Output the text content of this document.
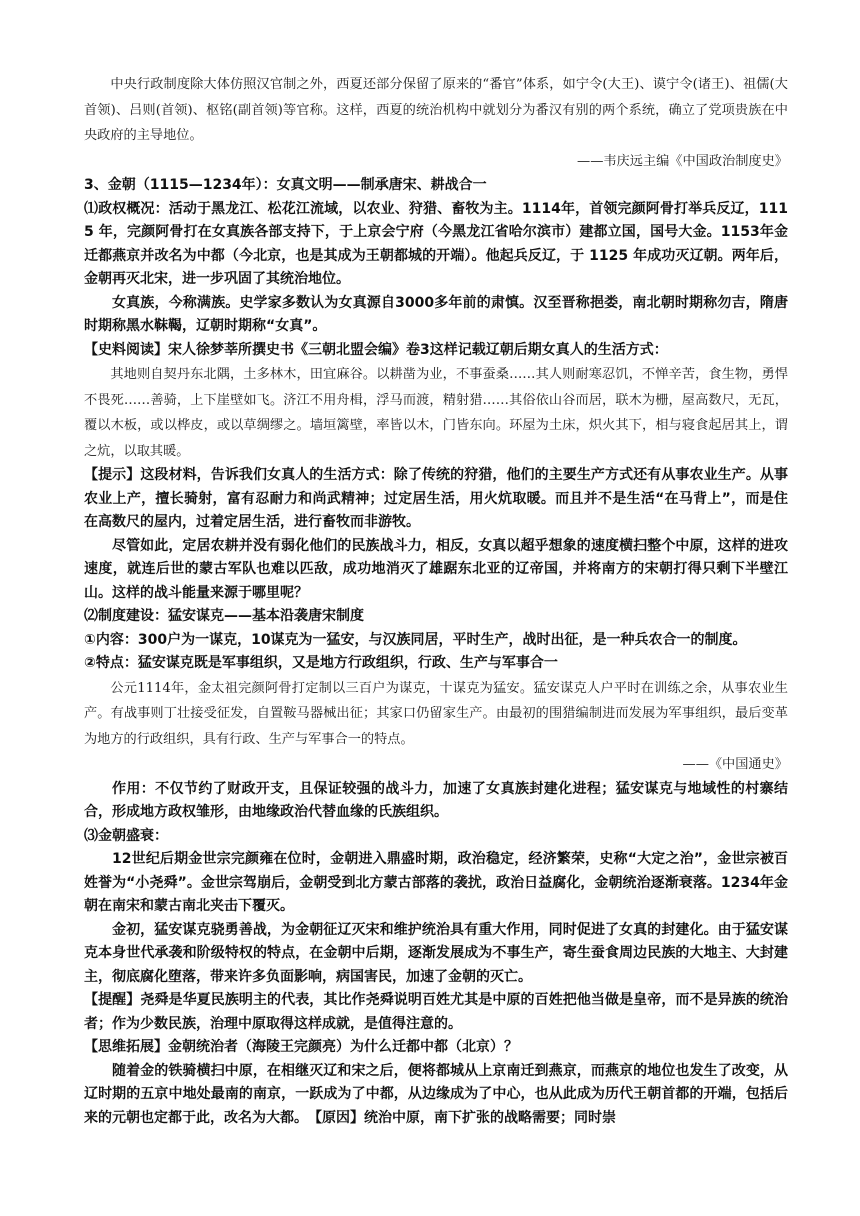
中央行政制度除大体仿照汉官制之外，西夏还部分保留了原来的“番官”体系，如宁令(大王)、谟宁令(诸王)、祖儒(大首领)、吕则(首领)、枢铭(副首领)等官称。这样，西夏的统治机构中就划分为番汉有别的两个系统，确立了党项贵族在中央政府的主导地位。

——韦庆远主编《中国政治制度史》

3、金朝（1115—1234年）：女真文明——制承唐宋、耕战合一

⑴政权概况：活动于黑龙江、松花江流域，以农业、狩猎、畜牧为主。1114年，首领完颜阿骨打举兵反辽，1115 年，完颜阿骨打在女真族各部支持下，于上京会宁府（今黑龙江省哈尔滨市）建都立国，国号大金。1153年金迁都燕京并改名为中都（今北京，也是其成为王朝都城的开端）。他起兵反辽，于 1125 年成功灭辽朝。两年后，金朝再灭北宋，进一步巩固了其统治地位。

女真族，今称满族。史学家多数认为女真源自3000多年前的肃慎。汉至晋称挹娄，南北朝时期称勿吉，隋唐时期称黑水靺鞨，辽朝时期称“女真”。

【史料阅读】宋人徐梦莘所撰史书《三朝北盟会编》卷3这样记载辽朝后期女真人的生活方式：

其地则自契丹东北隅，土多林木，田宜麻谷。以耕凿为业，不事蚕桑……其人则耐寒忍饥，不惮辛苦，食生物，勇悍不畏死……善骑，上下崖壁如飞。济江不用舟楫，浮马而渡，精射猎……其俗依山谷而居，联木为栅，屋高数尺，无瓦，覆以木板，或以桦皮，或以草绸缪之。墙垣篱壁，率皆以木，门皆东向。环屋为土床，炽火其下，相与寝食起居其上，谓之炕，以取其暖。

【提示】这段材料，告诉我们女真人的生活方式：除了传统的狩猎，他们的主要生产方式还有从事农业生产。从事农业上产，擅长骑射，富有忍耐力和尚武精神；过定居生活，用火炕取暖。而且并不是生活“在马背上”，而是住在高数尺的屋内，过着定居生活，进行畜牧而非游牧。

尽管如此，定居农耕并没有弱化他们的民族战斗力，相反，女真以超乎想象的速度横扫整个中原，这样的进攻速度，就连后世的蒙古军队也难以匹敌，成功地消灭了雄踞东北亚的辽帝国，并将南方的宋朝打得只剩下半壁江山。这样的战斗能量来源于哪里呢？

⑵制度建设：猛安谋克——基本沿袭唐宋制度

①内容：300户为一谋克，10谋克为一猛安，与汉族同居，平时生产，战时出征，是一种兵农合一的制度。

②特点：猛安谋克既是军事组织，又是地方行政组织，行政、生产与军事合一

公元1114年，金太祖完颜阿骨打定制以三百户为谋克，十谋克为猛安。猛安谋克人户平时在训练之余，从事农业生产。有战事则丁壮接受征发，自置鞍马器械出征；其家口仍留家生产。由最初的围猎编制进而发展为军事组织，最后变革为地方的行政组织，具有行政、生产与军事合一的特点。

——《中国通史》

作用：不仅节约了财政开支，且保证较强的战斗力，加速了女真族封建化进程；猛安谋克与地域性的村寨结合，形成地方政权雏形，由地缘政治代替血缘的氏族组织。

⑶金朝盛衰：

12世纪后期金世宗完颜雍在位时，金朝进入鼎盛时期，政治稳定，经济繁荣，史称“大定之治”，金世宗被百姓誉为“小尧舜”。金世宗驾崩后，金朝受到北方蒙古部落的袭扰，政治日益腐化，金朝统治逐渐衰落。1234年金朝在南宋和蒙古南北夹击下覆灭。

金初，猛安谋克骁勇善战，为金朝征辽灭宋和维护统治具有重大作用，同时促进了女真的封建化。由于猛安谋克本身世代承袭和阶级特权的特点，在金朝中后期，逐渐发展成为不事生产，寄生蚕食周边民族的大地主、大封建主，彻底腐化堕落，带来许多负面影响，病国害民，加速了金朝的灭亡。

【提醒】尧舜是华夏民族明主的代表，其比作尧舜说明百姓尤其是中原的百姓把他当做是皇帝，而不是异族的统治者；作为少数民族，治理中原取得这样成就，是值得注意的。

【思维拓展】金朝统治者（海陵王完颜亮）为什么迁都中都（北京）？

随着金的铁骑横扫中原，在相继灭辽和宋之后，便将都城从上京南迁到燕京，而燕京的地位也发生了改变，从辽时期的五京中地处最南的南京，一跃成为了中都，从边缘成为了中心，也从此成为历代王朝首都的开端，包括后来的元朝也定都于此，改名为大都。　【原因】统治中原，南下扩张的战略需要；同时崇
